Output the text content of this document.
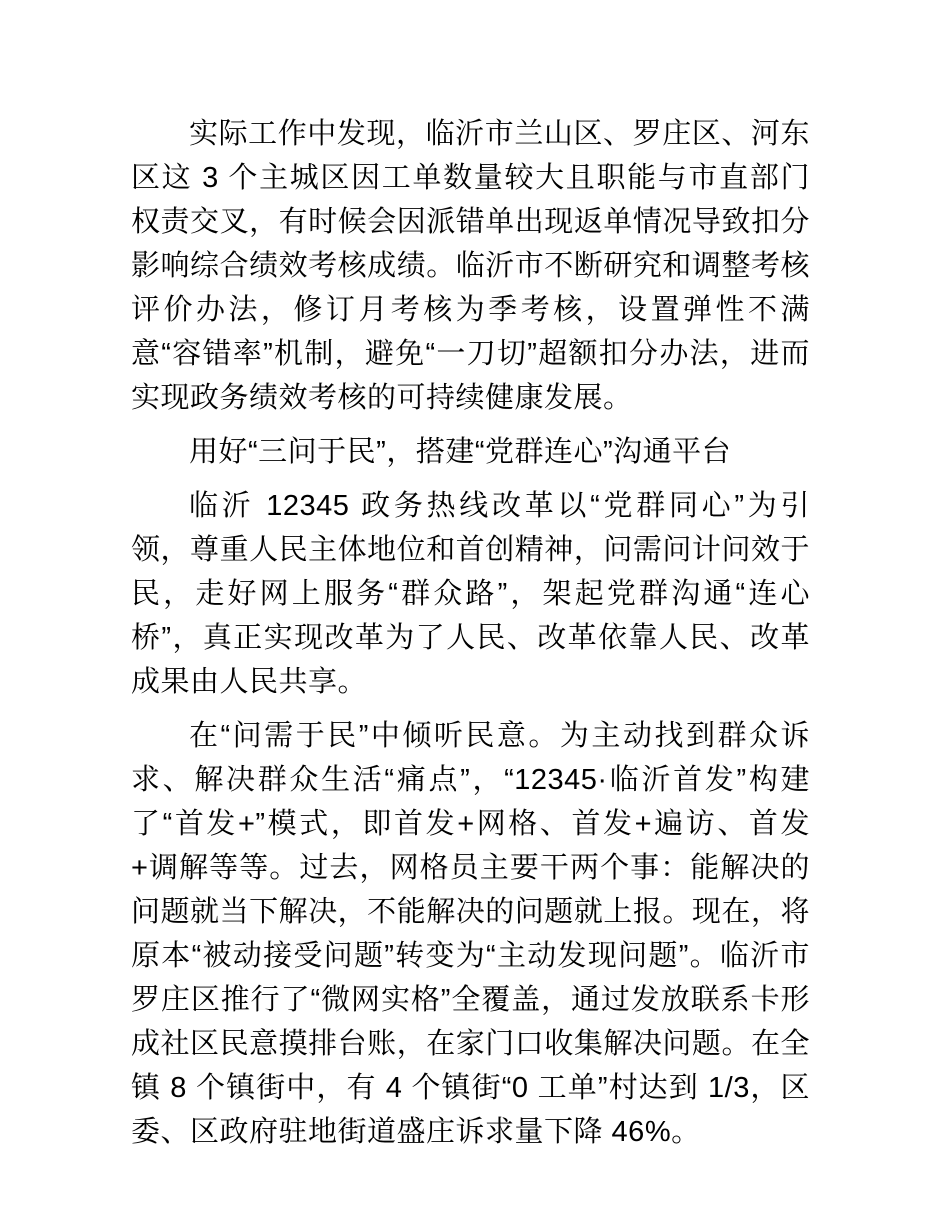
实际工作中发现，临沂市兰山区、罗庄区、河东区这 3 个主城区因工单数量较大且职能与市直部门权责交叉，有时候会因派错单出现返单情况导致扣分影响综合绩效考核成绩。临沂市不断研究和调整考核评价办法，修订月考核为季考核，设置弹性不满意“容错率”机制，避免“一刀切”超额扣分办法，进而实现政务绩效考核的可持续健康发展。

用好“三问于民”，搭建“党群连心”沟通平台

临沂 12345 政务热线改革以“党群同心”为引领，尊重人民主体地位和首创精神，问需问计问效于民，走好网上服务“群众路”，架起党群沟通“连心桥”，真正实现改革为了人民、改革依靠人民、改革成果由人民共享。

在“问需于民”中倾听民意。为主动找到群众诉求、解决群众生活“痛点”，“12345·临沂首发”构建了“首发+”模式，即首发+网格、首发+遍访、首发+调解等等。过去，网格员主要干两个事：能解决的问题就当下解决，不能解决的问题就上报。现在，将原本“被动接受问题”转变为“主动发现问题”。临沂市罗庄区推行了“微网实格”全覆盖，通过发放联系卡形成社区民意摸排台账，在家门口收集解决问题。在全镇 8 个镇街中，有 4 个镇街“0 工单”村达到 1/3，区委、区政府驻地街道盛庄诉求量下降 46%。
